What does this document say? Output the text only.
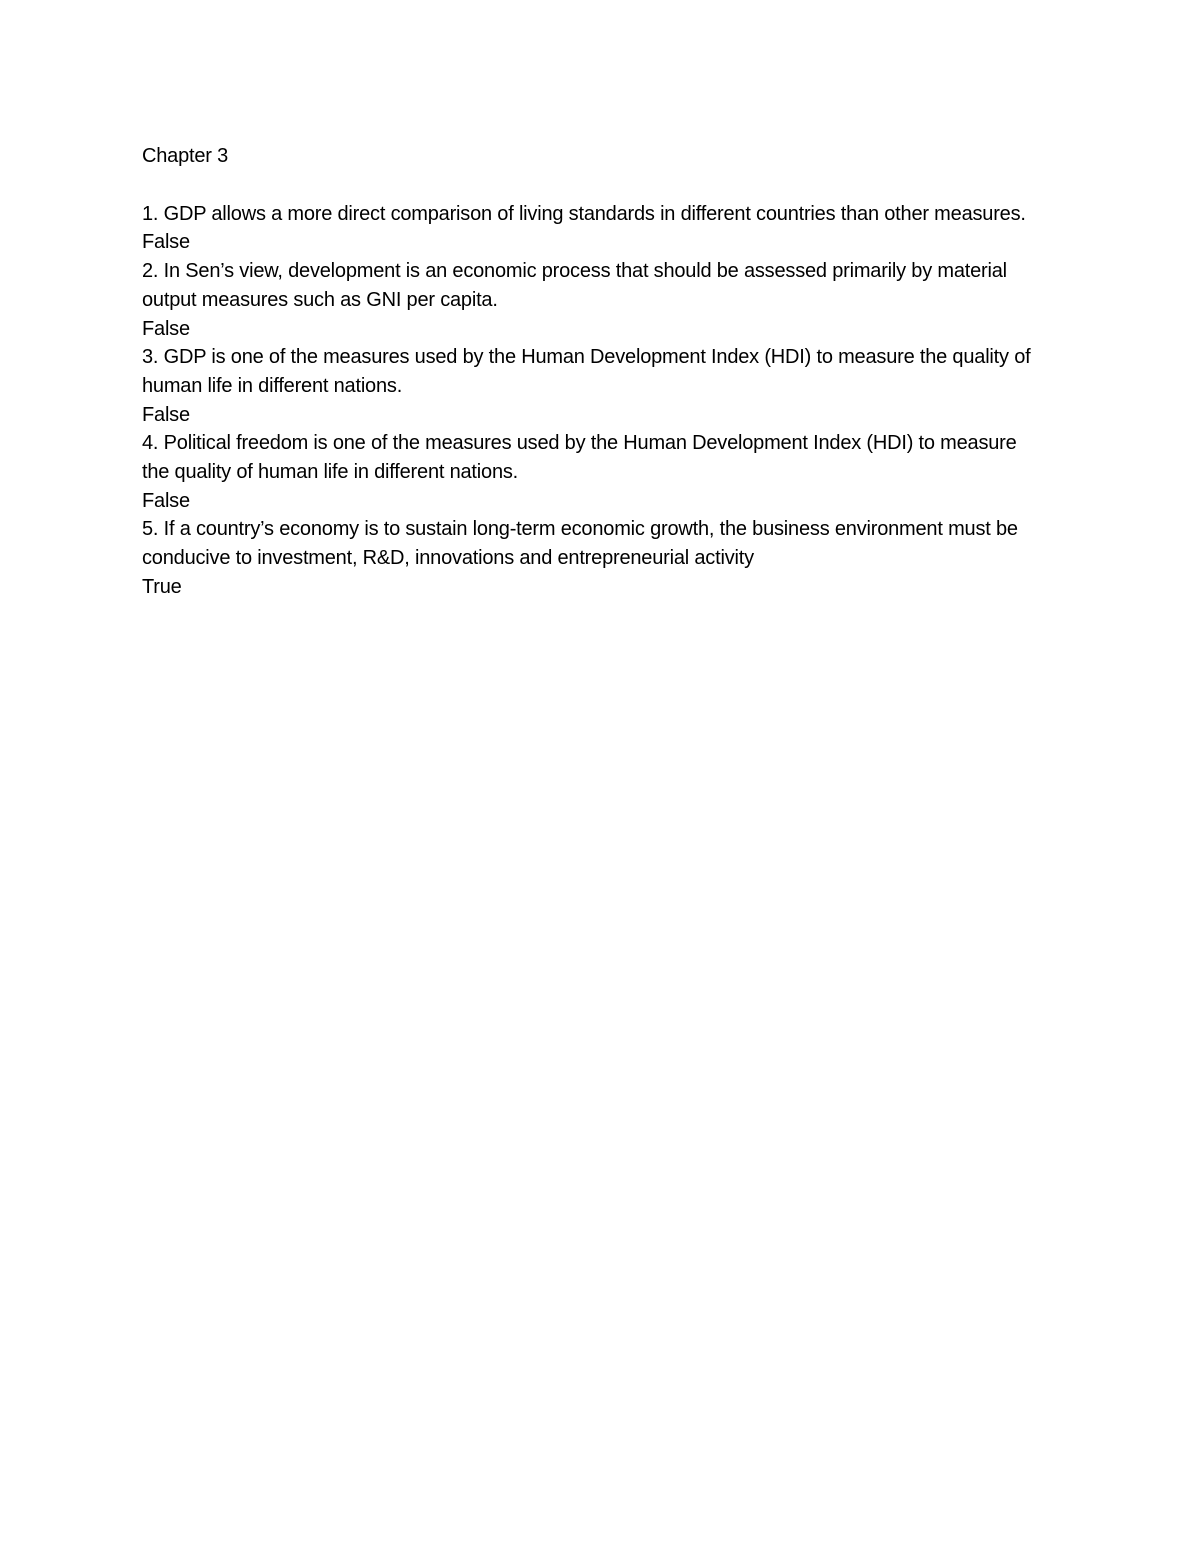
Chapter 3
1. GDP allows a more direct comparison of living standards in different countries than other measures.
False
2. In Sen’s view, development is an economic process that should be assessed primarily by material output measures such as GNI per capita.
False
3. GDP is one of the measures used by the Human Development Index (HDI) to measure the quality of human life in different nations.
False
4. Political freedom is one of the measures used by the Human Development Index (HDI) to measure the quality of human life in different nations.
False
5. If a country’s economy is to sustain long-term economic growth, the business environment must be conducive to investment, R&D, innovations and entrepreneurial activity
True
